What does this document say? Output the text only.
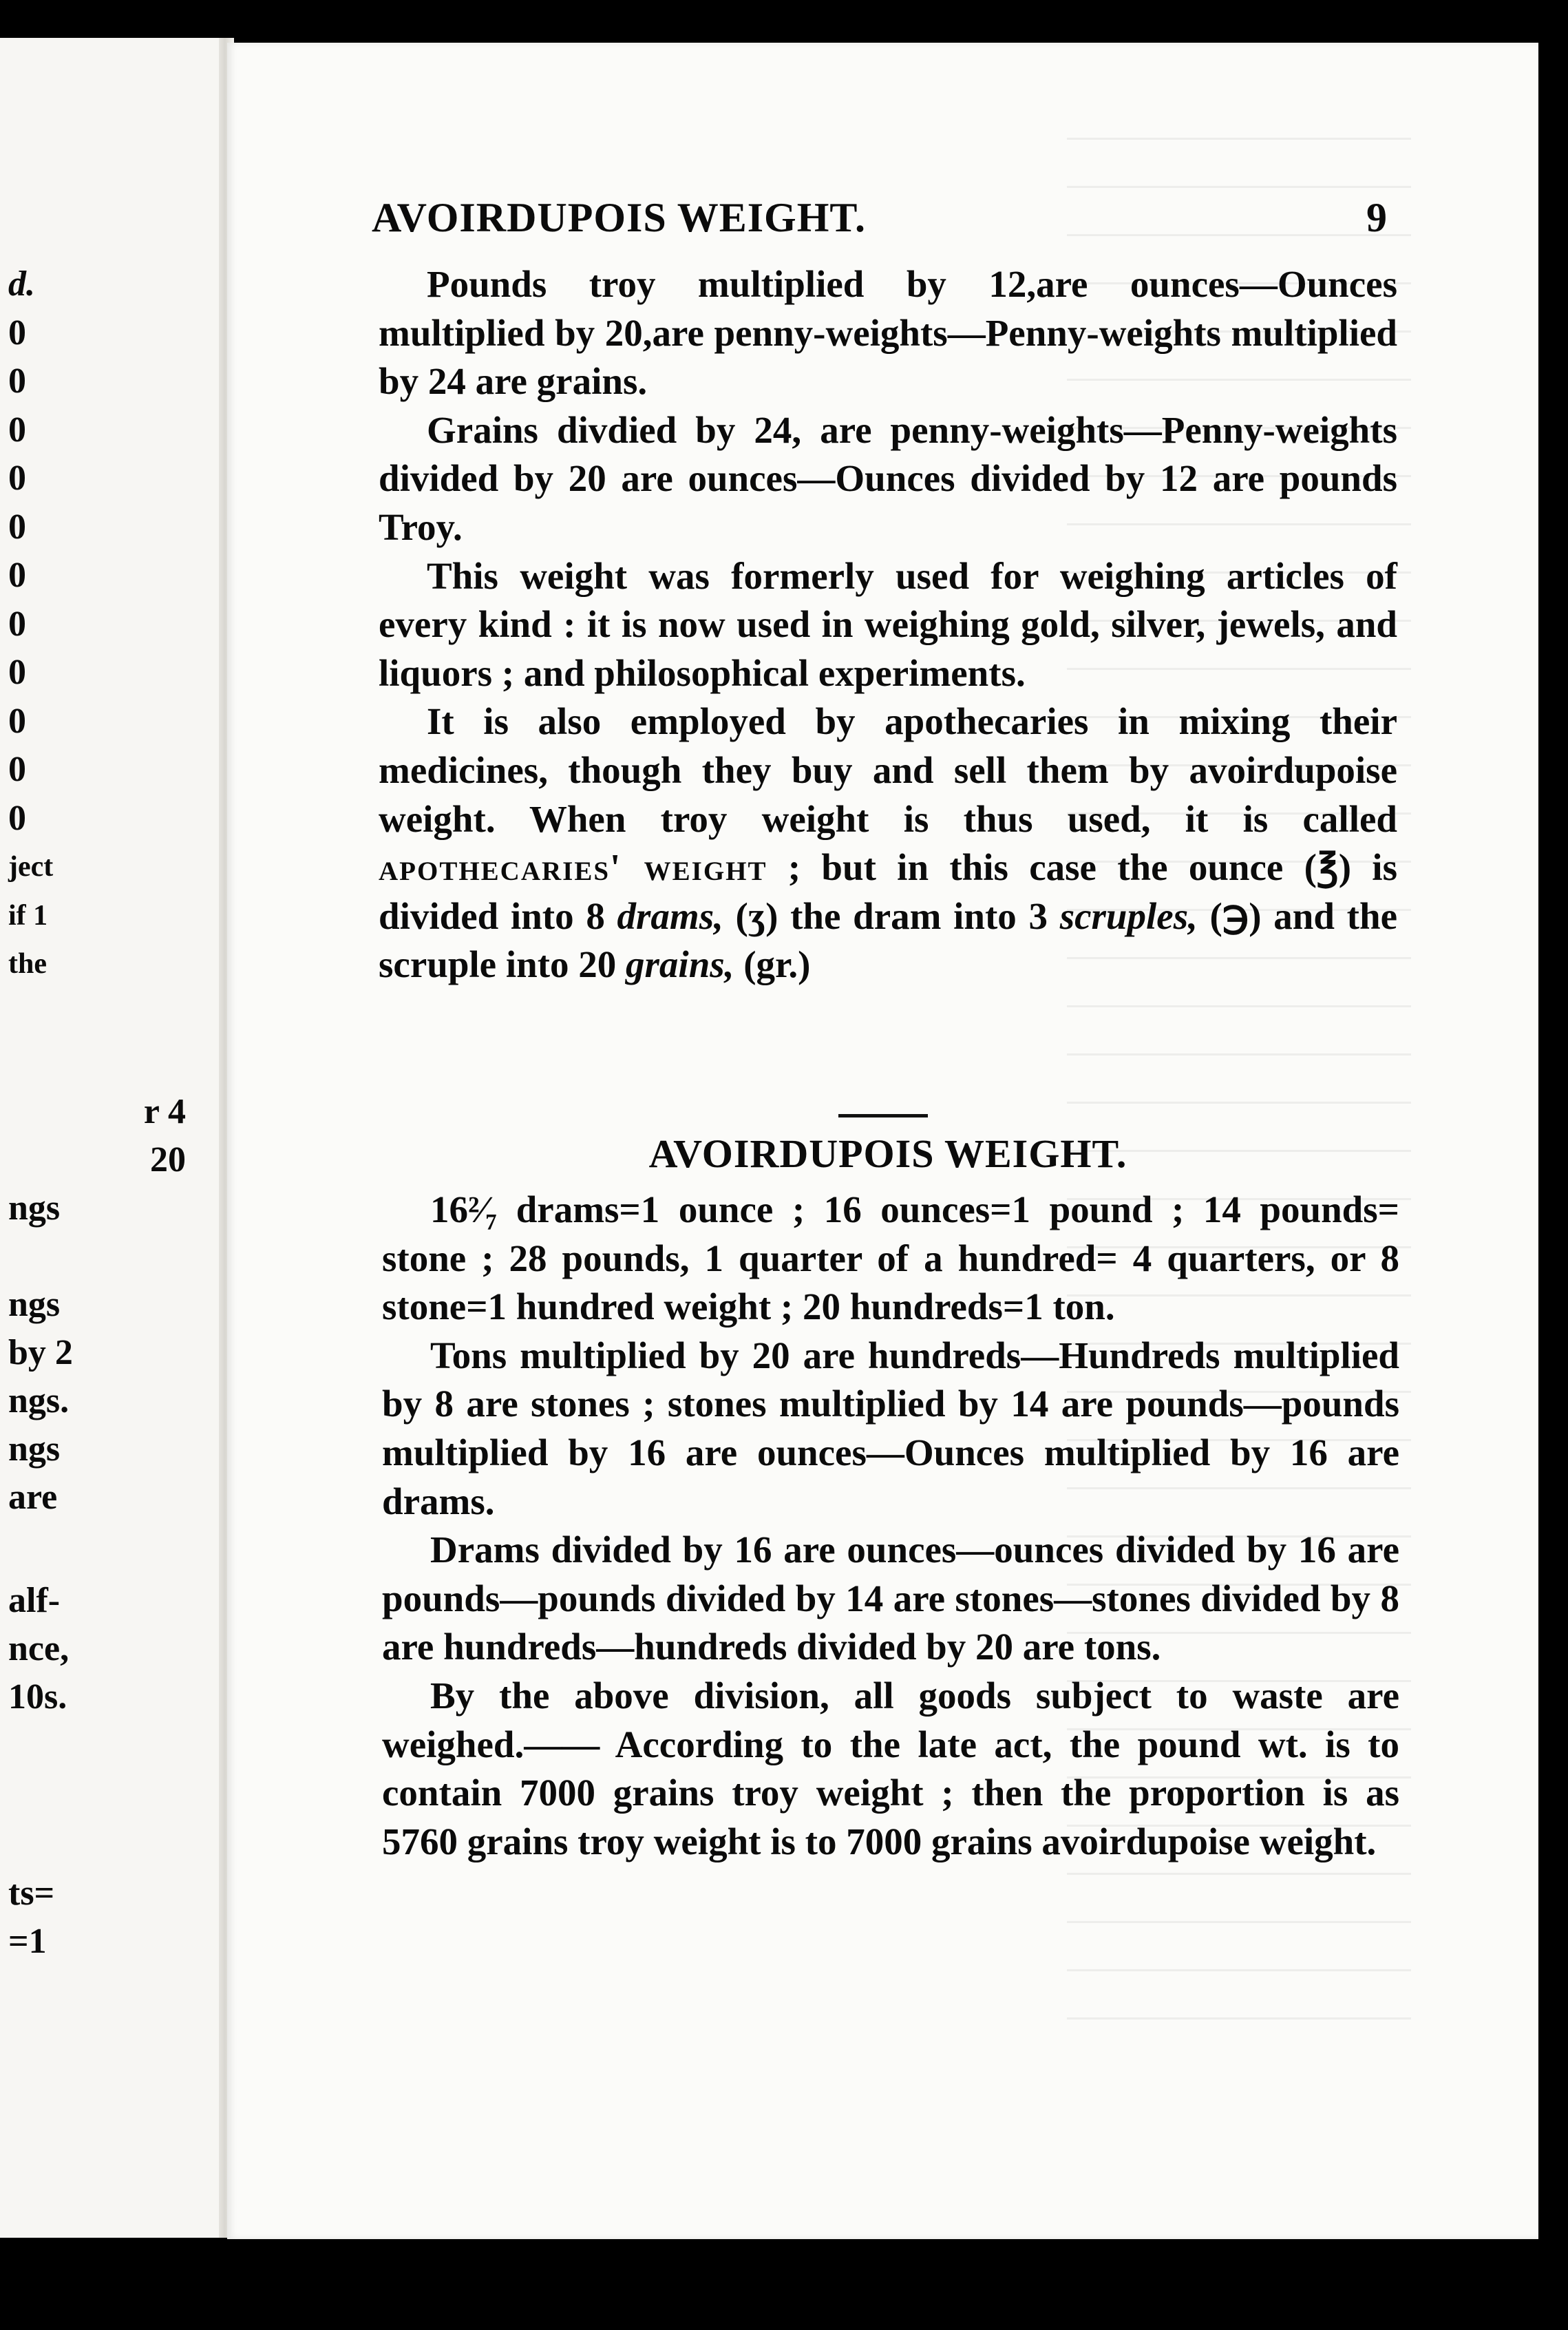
d.
0
0
0
0
0
0
0
0
0
0
0
ject
if 1
the
r 4
20
ngs
ngs
by 2
ngs.
ngs
are
alf-
nce,
10s.
ts=
=1
AVOIRDUPOIS WEIGHT.	9

Pounds troy multiplied by 12,are ounces—Ounces multiplied by 20,are penny-weights—Penny-weights multiplied by 24 are grains.

Grains divdied by 24, are penny-weights—Penny-weights divided by 20 are ounces—Ounces divided by 12 are pounds Troy.

This weight was formerly used for weighing articles of every kind : it is now used in weighing gold, silver, jewels, and liquors ; and philosophical experiments.

It is also employed by apothecaries in mixing their medicines, though they buy and sell them by avoirdupoise weight. When troy weight is thus used, it is called apothecaries' weight ; but in this case the ounce (℥) is divided into 8 drams, (ʒ) the dram into 3 scruples, (℈) and the scruple into 20 grains, (gr.)

AVOIRDUPOIS WEIGHT.

16²⁄₇ drams=1 ounce ; 16 ounces=1 pound ; 14 pounds= stone ; 28 pounds, 1 quarter of a hundred= 4 quarters, or 8 stone=1 hundred weight ; 20 hundreds=1 ton.

Tons multiplied by 20 are hundreds—Hundreds multiplied by 8 are stones ; stones multiplied by 14 are pounds—pounds multiplied by 16 are ounces—Ounces multiplied by 16 are drams.

Drams divided by 16 are ounces—ounces divided by 16 are pounds—pounds divided by 14 are stones—stones divided by 8 are hundreds—hundreds divided by 20 are tons.

By the above division, all goods subject to waste are weighed.—— According to the late act, the pound wt. is to contain 7000 grains troy weight ; then the proportion is as 5760 grains troy weight is to 7000 grains avoirdupoise weight.
